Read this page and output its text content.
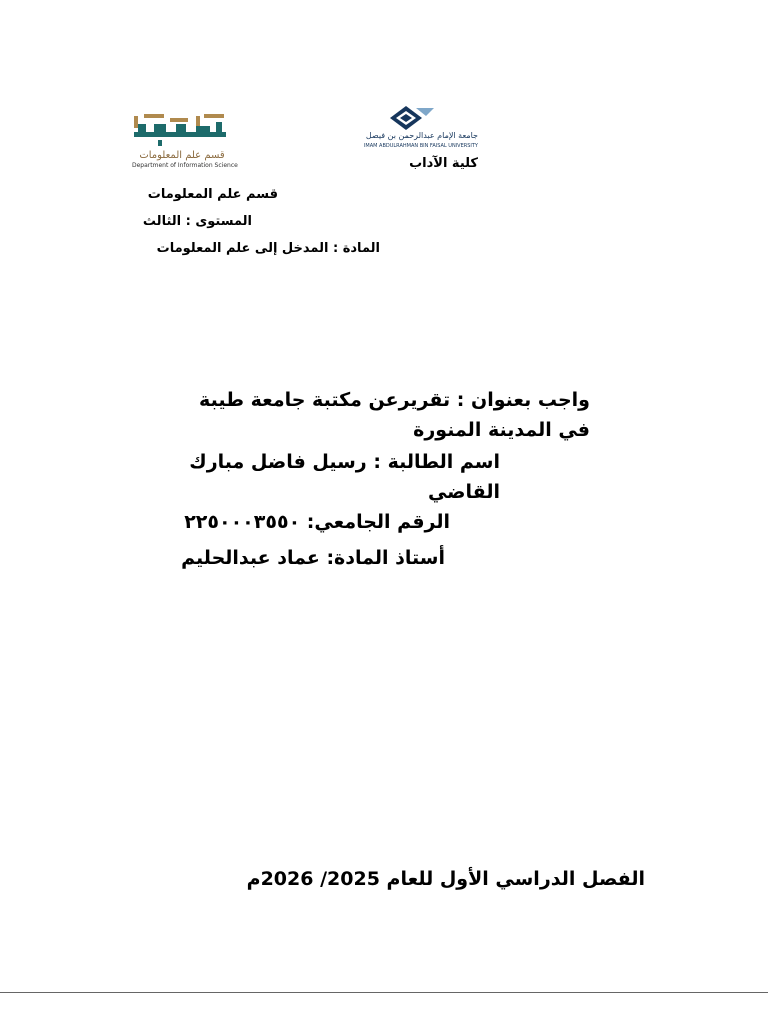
قسم علم المعلومات
Department of Information Science
جامعة الإمام عبدالرحمن بن فيصل
IMAM ABDULRAHMAN BIN FAISAL UNIVERSITY
كلية الآداب
قسم علم المعلومات
المستوى : الثالث
المادة : المدخل إلى علم المعلومات
واجب بعنوان : تقريرعن مكتبة جامعة طيبة
في المدينة المنورة
اسم الطالبة : رسيل فاضل مبارك
القاضي
الرقم الجامعي: ٢٢٥٠٠٠٣٥٥٠
أستاذ المادة: عماد عبدالحليم
الفصل الدراسي الأول للعام 2025/ 2026م
